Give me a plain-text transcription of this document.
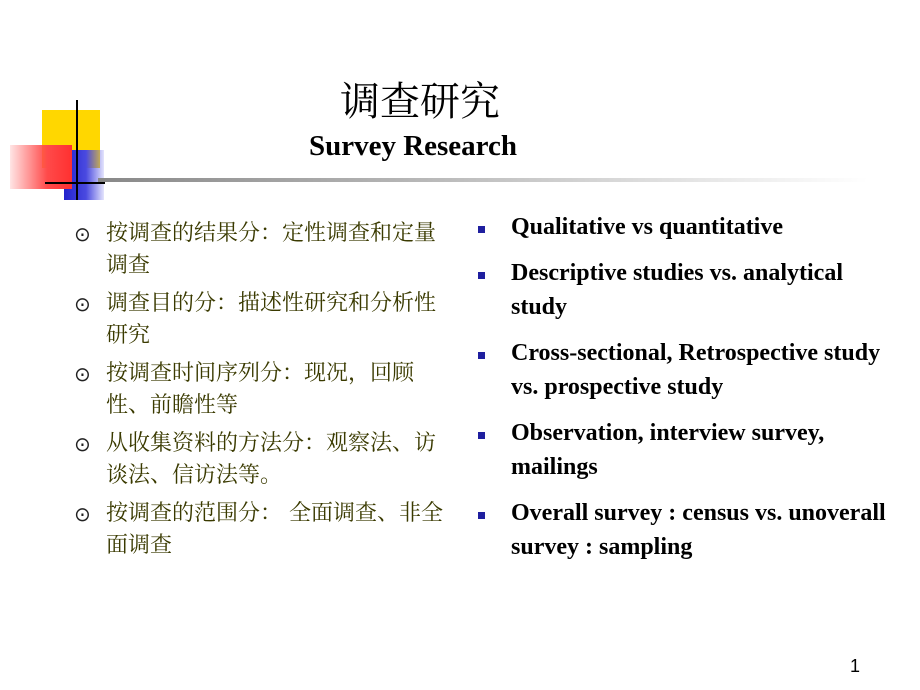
调查研究
Survey Research
⊙ 按调查的结果分：定性调查和定量调查
⊙ 调查目的分：描述性研究和分析性研究
⊙ 按调查时间序列分：现况，回顾性、前瞻性等
⊙ 从收集资料的方法分：观察法、访谈法、信访法等。
⊙ 按调查的范围分： 全面调查、非全面调查
Qualitative vs quantitative
Descriptive studies vs. analytical study
Cross-sectional, Retrospective study vs. prospective study
Observation, interview survey, mailings
Overall survey : census vs. unoverall survey : sampling
1
